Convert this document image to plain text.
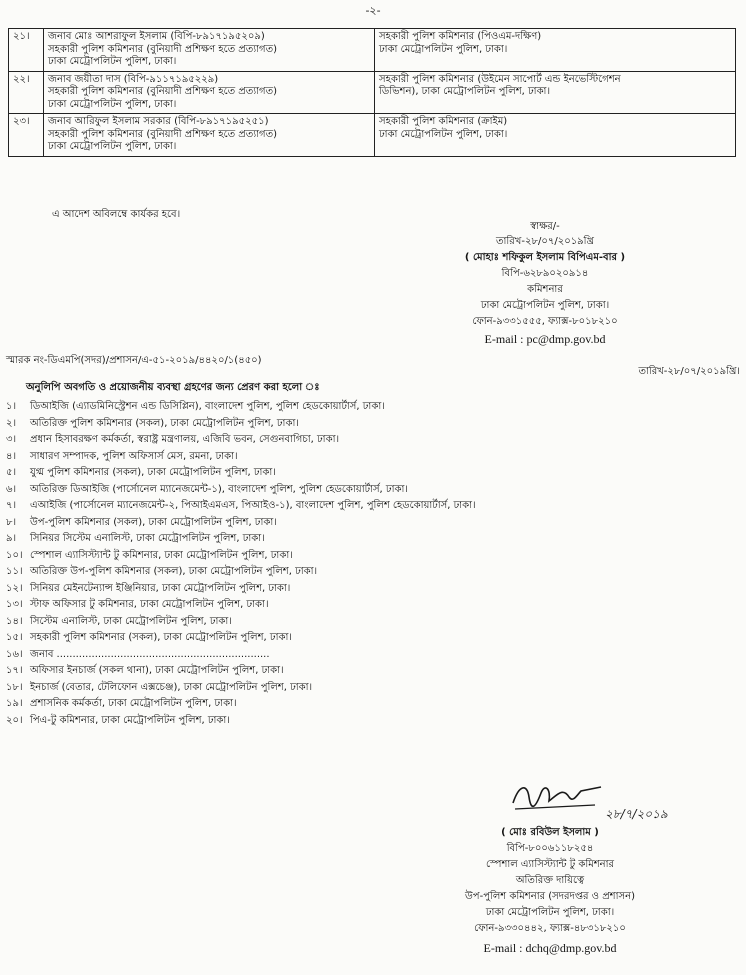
-২-
২১।	জনাব মোঃ আশরাফুল ইসলাম (বিপি-৮৯১৭১৯৫২০৯)
সহকারী পুলিশ কমিশনার (বুনিয়াদী প্রশিক্ষণ হতে প্রত্যাগত)
ঢাকা মেট্রোপলিটন পুলিশ, ঢাকা।	সহকারী পুলিশ কমিশনার (পিওএম-দক্ষিণ)
ঢাকা মেট্রোপলিটন পুলিশ, ঢাকা।

২২।	জনাব জয়ীতা দাস (বিপি-৯১১৭১৯৫২২৯)
সহকারী পুলিশ কমিশনার (বুনিয়াদী প্রশিক্ষণ হতে প্রত্যাগত)
ঢাকা মেট্রোপলিটন পুলিশ, ঢাকা।	সহকারী পুলিশ কমিশনার (উইমেন সাপোর্ট এন্ড ইনভেস্টিগেশন
ডিভিশন), ঢাকা মেট্রোপলিটন পুলিশ, ঢাকা।

২৩।	জনাব আরিফুল ইসলাম সরকার (বিপি-৮৯১৭১৯৫২৫১)
সহকারী পুলিশ কমিশনার (বুনিয়াদী প্রশিক্ষণ হতে প্রত্যাগত)
ঢাকা মেট্রোপলিটন পুলিশ, ঢাকা।	সহকারী পুলিশ কমিশনার (ক্রাইম)
ঢাকা মেট্রোপলিটন পুলিশ, ঢাকা।
এ আদেশ অবিলম্বে কার্যকর হবে।
স্বাক্ষর/-
তারিখ-২৮/০৭/২০১৯খ্রি
( মোহাঃ শফিকুল ইসলাম বিপিএম-বার )
বিপি-৬২৮৯০২০৯১৪
কমিশনার
ঢাকা মেট্রোপলিটন পুলিশ, ঢাকা।
ফোন-৯৩৩১৫৫৫, ফ্যাক্স-৮০১৮২১০
E-mail : pc@dmp.gov.bd
স্মারক নং-ডিএমপি(সদর)/প্রশাসন/এ-৫১-২০১৯/৪৪২০/১(৪৫০)
তারিখ-২৮/০৭/২০১৯খ্রি।
অনুলিপি অবগতি ও প্রয়োজনীয় ব্যবস্থা গ্রহণের জন্য প্রেরণ করা হলো ঃ
১।	ডিআইজি (এ্যাডমিনিস্ট্রেশন এন্ড ডিসিপ্লিন), বাংলাদেশ পুলিশ, পুলিশ হেডকোয়ার্টার্স, ঢাকা।
২।	অতিরিক্ত পুলিশ কমিশনার (সকল), ঢাকা মেট্রোপলিটন পুলিশ, ঢাকা।
৩।	প্রধান হিসাবরক্ষণ কর্মকর্তা, স্বরাষ্ট্র মন্ত্রণালয়, এজিবি ভবন, সেগুনবাগিচা, ঢাকা।
৪।	সাধারণ সম্পাদক, পুলিশ অফিসার্স মেস, রমনা, ঢাকা।
৫।	যুগ্ম পুলিশ কমিশনার (সকল), ঢাকা মেট্রোপলিটন পুলিশ, ঢাকা।
৬।	অতিরিক্ত ডিআইজি (পার্সোনেল ম্যানেজমেন্ট-১), বাংলাদেশ পুলিশ, পুলিশ হেডকোয়ার্টার্স, ঢাকা।
৭।	এআইজি (পার্সোনেল ম্যানেজমেন্ট-২, পিআইএমএস, পিআইও-১), বাংলাদেশ পুলিশ, পুলিশ হেডকোয়ার্টার্স, ঢাকা।
৮।	উপ-পুলিশ কমিশনার (সকল), ঢাকা মেট্রোপলিটন পুলিশ, ঢাকা।
৯।	সিনিয়র সিস্টেম এনালিস্ট, ঢাকা মেট্রোপলিটন পুলিশ, ঢাকা।
১০। স্পেশাল এ্যাসিস্ট্যান্ট টু কমিশনার, ঢাকা মেট্রোপলিটন পুলিশ, ঢাকা।
১১। অতিরিক্ত উপ-পুলিশ কমিশনার (সকল), ঢাকা মেট্রোপলিটন পুলিশ, ঢাকা।
১২। সিনিয়র মেইনটেন্যান্স ইঞ্জিনিয়ার, ঢাকা মেট্রোপলিটন পুলিশ, ঢাকা।
১৩। স্টাফ অফিসার টু কমিশনার, ঢাকা মেট্রোপলিটন পুলিশ, ঢাকা।
১৪। সিস্টেম এনালিস্ট, ঢাকা মেট্রোপলিটন পুলিশ, ঢাকা।
১৫। সহকারী পুলিশ কমিশনার (সকল), ঢাকা মেট্রোপলিটন পুলিশ, ঢাকা।
১৬। জনাব ...................................................................
১৭। অফিসার ইনচার্জ (সকল থানা), ঢাকা মেট্রোপলিটন পুলিশ, ঢাকা।
১৮। ইনচার্জ (বেতার, টেলিফোন এক্সচেঞ্জ), ঢাকা মেট্রোপলিটন পুলিশ, ঢাকা।
১৯। প্রশাসনিক কর্মকর্তা, ঢাকা মেট্রোপলিটন পুলিশ, ঢাকা।
২০। পিএ-টু কমিশনার, ঢাকা মেট্রোপলিটন পুলিশ, ঢাকা।
২৮/৭/২০১৯
( মোঃ রবিউল ইসলাম )
বিপি-৮০০৬১১৮২৫৪
স্পেশাল এ্যাসিস্ট্যান্ট টু কমিশনার
অতিরিক্ত দায়িত্বে
উপ-পুলিশ কমিশনার (সদরদপ্তর ও প্রশাসন)
ঢাকা মেট্রোপলিটন পুলিশ, ঢাকা।
ফোন-৯৩৩০৪৪২, ফ্যাক্স-৪৮৩১৮২১০
E-mail : dchq@dmp.gov.bd
